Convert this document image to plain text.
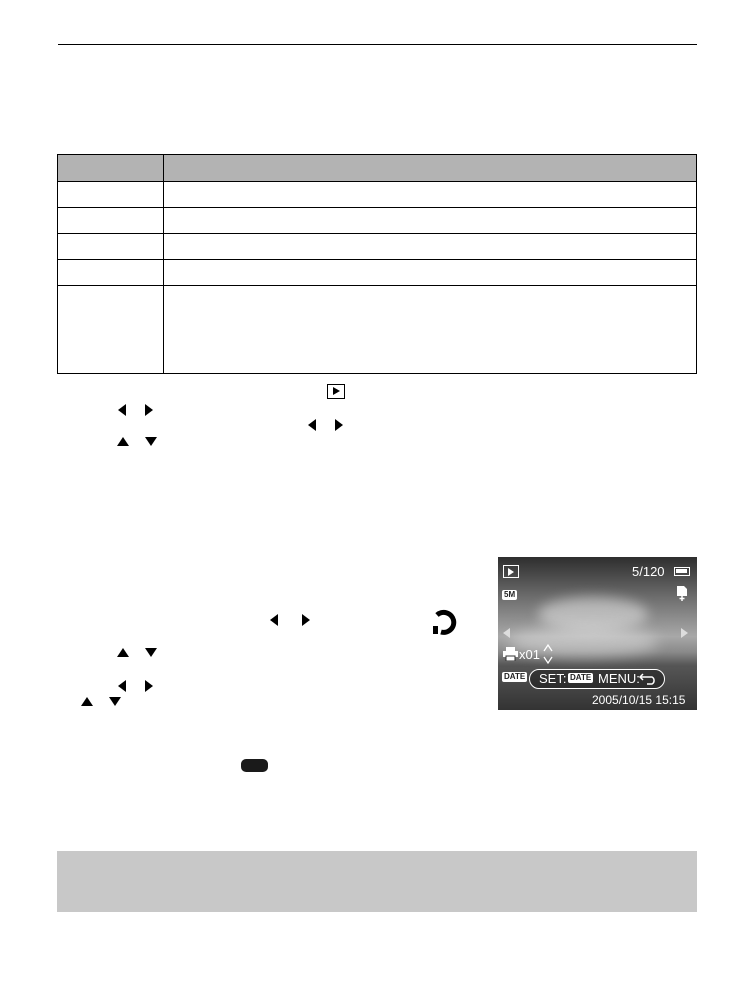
5/120
5M
x01
DATE SET: DATE MENU:
2005/10/15 15:15
